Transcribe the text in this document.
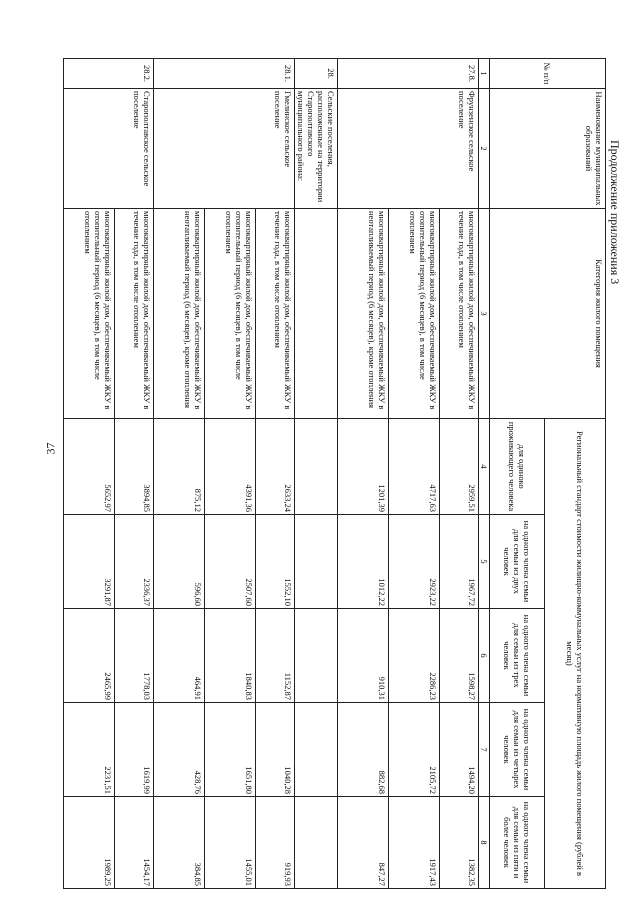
37
Продолжение приложения 3
№ п/п	Наименование муниципальных образований	Категория жилого помещения	Региональный стандарт стоимости жилищно-коммунальных услуг на нормативную площадь жилого помещения (рублей в месяц)				
			для одиноко проживающего человека	на одного члена семьи для семьи из двух человек	на одного члена семьи для семьи из трех человек	на одного члена семьи для семьи из четырех человек	на одного члена семьи для семьи из пяти и более человек
1	2	3	4	5	6	7	8
27.8.	Фрунзенское сельское поселение	многоквартирный жилой дом, обеспечиваемый ЖКУ в течение года, в том числе отоплением	2959,51	1967,72	1598,27	1494,20	1382,35
		многоквартирный жилой дом, обеспечиваемый ЖКУ в отопительный период (6 месяцев), в том числе отоплением	4717,63	2923,22	2286,23	2105,72	1917,43
		многоквартирный жилой дом, обеспечиваемый ЖКУ в неотапливаемый период (6 месяцев), кроме отопления	1201,39	1012,22	910,31	882,68	847,27
28.	Сельские поселения, расположенные на территории Старополтавского муниципального района:						
28.1.	Гмелинское сельское поселение	многоквартирный жилой дом, обеспечиваемый ЖКУ в течение года, в том числе отоплением	2633,24	1552,10	1152,87	1040,28	919,93
		многоквартирный жилой дом, обеспечиваемый ЖКУ в отопительный период (6 месяцев), в том числе отоплением	4391,36	2507,60	1840,83	1651,80	1455,01
		многоквартирный жилой дом, обеспечиваемый ЖКУ в неотапливаемый период (6 месяцев), кроме отопления	875,12	596,60	464,91	428,76	384,85
28.2.	Старополтавское сельское поселение	многоквартирный жилой дом, обеспечиваемый ЖКУ в течение года, в том числе отоплением	3894,85	2336,37	1778,03	1619,99	1454,17
		многоквартирный жилой дом, обеспечиваемый ЖКУ в отопительный период (6 месяцев), в том числе отоплением	5652,97	3291,87	2465,99	2231,51	1989,25
